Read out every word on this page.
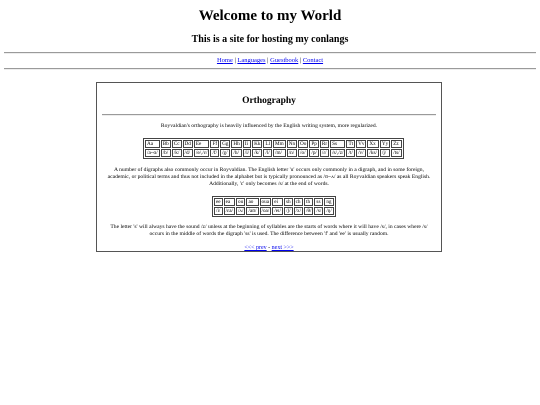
Welcome to my World
This is a site for hosting my conlangs
Home | Languages | Guestbook | Contact
Orthography

Royvaldian's orthography is heavily influenced by the English writing system, more regularized.

Aa	Bb	Cc	Dd	Ee	Ff	Gg	Hh	Ii	Kk	Ll	Mm	Nn	Oo	Pp	Rr	Ss	Tt	Vv	Xx	Yy	Zz
/a~ɑ/	/b/	/k/	/d/	/e/,/ɛ/	/f/	/g/	/h/	/i/	/k/	/l/	/m/	/n/	/o/	/p/	/ɾ/	/s/,/z/	/t/	/v/	/ks/	/j/	/ts/

A number of digraphs also commonly occur in Royvaldian. The English letter 'u' occurs only commonly in a digraph, and in some foreign, academic, or political terms and thus not included in the alphabet but is typically pronounced as /ʊ~ʌ/ as all Royvaldian speakers speak English. Additionally, 'c' only becomes /s/ at the end of words.

ee	ea	ou	ao	oua	ei	sh	ch	th	ss	ng
/i/	/ɛa/	/ʌ/	/aʊ/	/oa/	/eɪ/	/ʃ/	/x/	/θ/	/s/	/ŋ/

The letter 's' will always have the sound /z/ unless at the beginning of syllables are the starts of words where it will have /s/, in cases where /s/ occurs in the middle of words the digraph 'ss' is used. The difference between 'f' and 'ee' is usually random.

<<< prev - next >>>
